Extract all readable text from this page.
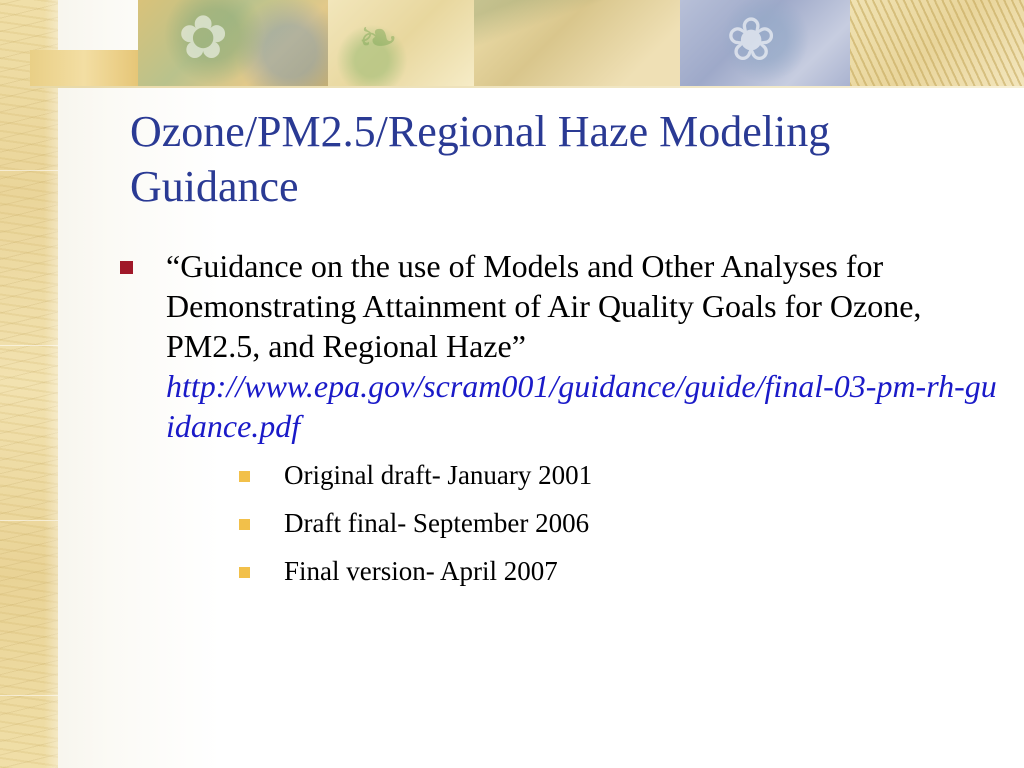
✿	❧	❀
Ozone/PM2.5/Regional Haze Modeling Guidance
“Guidance on the use of Models and Other Analyses for Demonstrating Attainment of Air Quality Goals for Ozone, PM2.5, and Regional Haze”
http://www.epa.gov/scram001/guidance/guide/final-03-pm-rh-guidance.pdf
Original draft- January 2001
Draft final- September 2006
Final version- April 2007
